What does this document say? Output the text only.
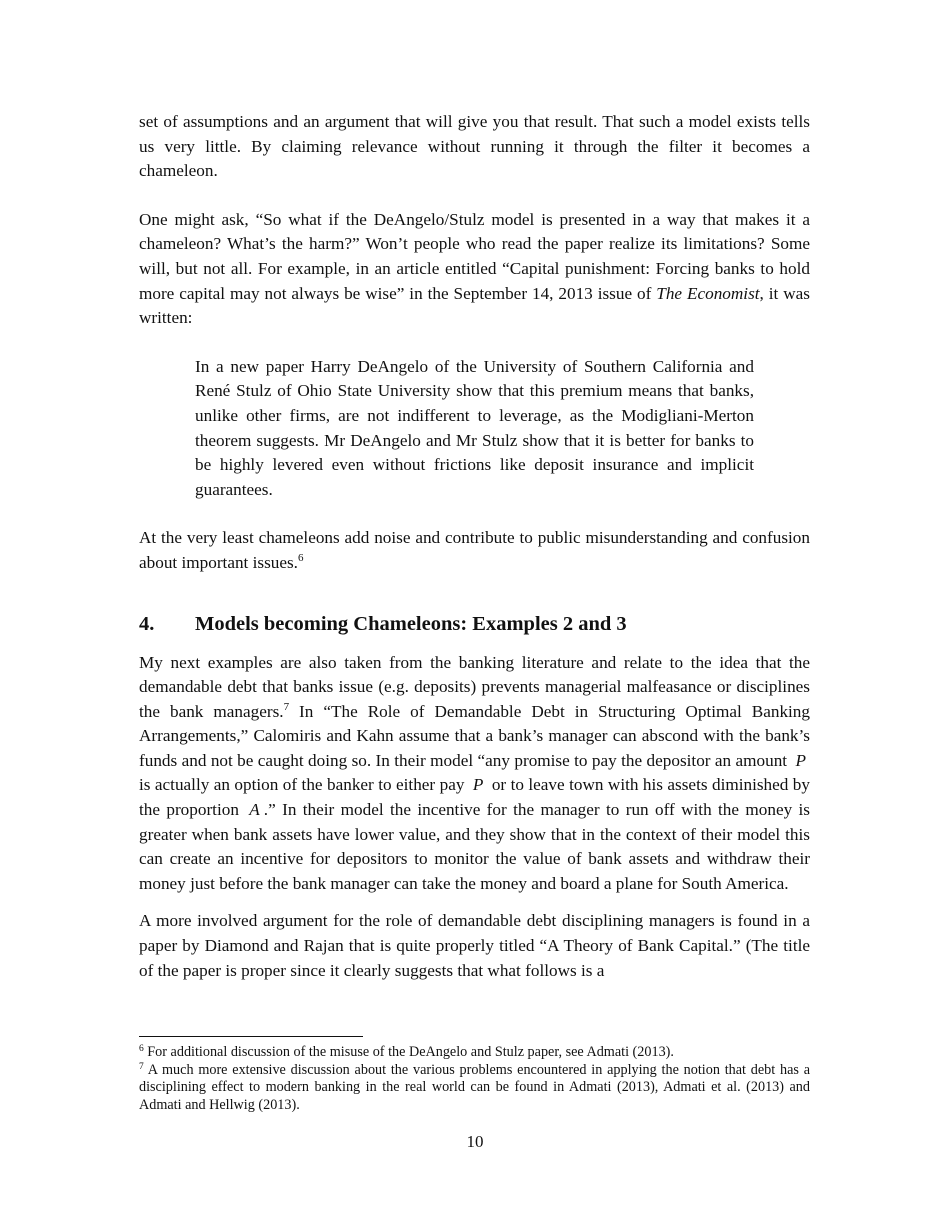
set of assumptions and an argument that will give you that result. That such a model exists tells us very little. By claiming relevance without running it through the filter it becomes a chameleon.

One might ask, “So what if the DeAngelo/Stulz model is presented in a way that makes it a chameleon? What’s the harm?” Won’t people who read the paper realize its limitations? Some will, but not all. For example, in an article entitled “Capital punishment: Forcing banks to hold more capital may not always be wise” in the September 14, 2013 issue of The Economist, it was written:

In a new paper Harry DeAngelo of the University of Southern California and René Stulz of Ohio State University show that this premium means that banks, unlike other firms, are not indifferent to leverage, as the Modigliani-Merton theorem suggests. Mr DeAngelo and Mr Stulz show that it is better for banks to be highly levered even without frictions like deposit insurance and implicit guarantees.

At the very least chameleons add noise and contribute to public misunderstanding and confusion about important issues.$^6$

4.	Models becoming Chameleons: Examples 2 and 3

My next examples are also taken from the banking literature and relate to the idea that the demandable debt that banks issue (e.g. deposits) prevents managerial malfeasance or disciplines the bank managers.$^7$ In “The Role of Demandable Debt in Structuring Optimal Banking Arrangements,” Calomiris and Kahn assume that a bank’s manager can abscond with the bank’s funds and not be caught doing so. In their model “any promise to pay the depositor an amount P is actually an option of the banker to either pay P or to leave town with his assets diminished by the proportion A .” In their model the incentive for the manager to run off with the money is greater when bank assets have lower value, and they show that in the context of their model this can create an incentive for depositors to monitor the value of bank assets and withdraw their money just before the bank manager can take the money and board a plane for South America.

A more involved argument for the role of demandable debt disciplining managers is found in a paper by Diamond and Rajan that is quite properly titled “A Theory of Bank Capital.” (The title of the paper is proper since it clearly suggests that what follows is a

$^6$ For additional discussion of the misuse of the DeAngelo and Stulz paper, see Admati (2013).

$^7$ A much more extensive discussion about the various problems encountered in applying the notion that debt has a disciplining effect to modern banking in the real world can be found in Admati (2013), Admati et al. (2013) and Admati and Hellwig (2013).

10
